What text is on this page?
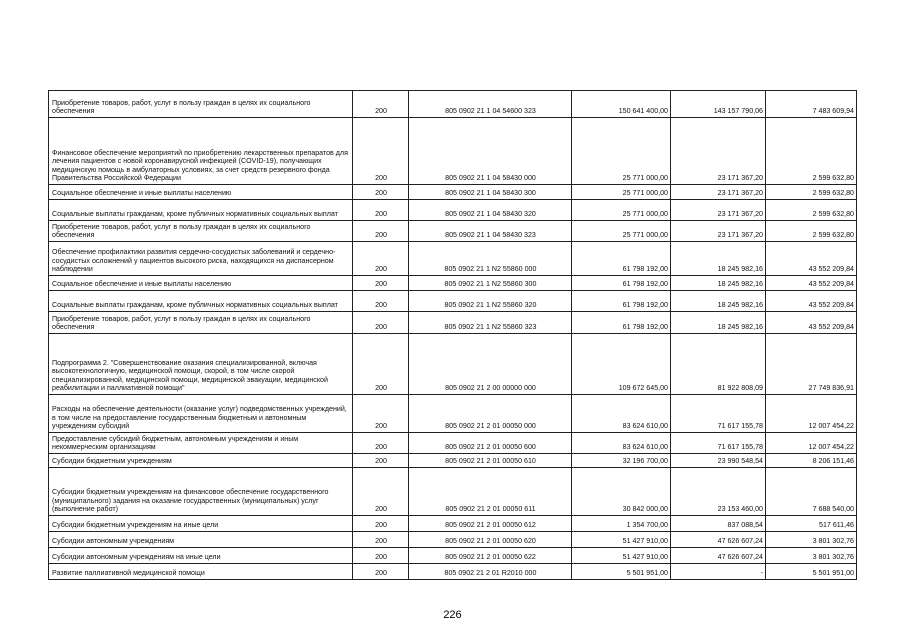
Приобретение товаров, работ, услуг в пользу граждан в целях их социального обеспечения	200	805 0902 21 1 04 54600 323	150 641 400,00	143 157 790,06	7 483 609,94
Финансовое обеспечение мероприятий по приобретению лекарственных препаратов для лечения пациентов с новой коронавирусной инфекцией (COVID-19), получающих медицинскую помощь в амбулаторных условиях, за счет средств резервного фонда Правительства Российской Федерации	200	805 0902 21 1 04 58430 000	25 771 000,00	23 171 367,20	2 599 632,80
Социальное обеспечение и иные выплаты населению	200	805 0902 21 1 04 58430 300	25 771 000,00	23 171 367,20	2 599 632,80
Социальные выплаты гражданам, кроме публичных нормативных социальных выплат	200	805 0902 21 1 04 58430 320	25 771 000,00	23 171 367,20	2 599 632,80
Приобретение товаров, работ, услуг в пользу граждан в целях их социального обеспечения	200	805 0902 21 1 04 58430 323	25 771 000,00	23 171 367,20	2 599 632,80
Обеспечение профилактики развития сердечно-сосудистых заболеваний и сердечно-сосудистых осложнений у пациентов высокого риска, находящихся на диспансерном наблюдении	200	805 0902 21 1 N2 55860 000	61 798 192,00	18 245 982,16	43 552 209,84
Социальное обеспечение и иные выплаты населению	200	805 0902 21 1 N2 55860 300	61 798 192,00	18 245 982,16	43 552 209,84
Социальные выплаты гражданам, кроме публичных нормативных социальных выплат	200	805 0902 21 1 N2 55860 320	61 798 192,00	18 245 982,16	43 552 209,84
Приобретение товаров, работ, услуг в пользу граждан в целях их социального обеспечения	200	805 0902 21 1 N2 55860 323	61 798 192,00	18 245 982,16	43 552 209,84
Подпрограмма 2. "Совершенствование оказания специализированной, включая высокотехнологичную, медицинской помощи, скорой, в том числе скорой специализированной, медицинской помощи, медицинской эвакуации, медицинской реабилитации и паллиативной помощи"	200	805 0902 21 2 00 00000 000	109 672 645,00	81 922 808,09	27 749 836,91
Расходы на обеспечение деятельности (оказание услуг) подведомственных учреждений, в том числе на предоставление государственным бюджетным и автономным учреждениям субсидий	200	805 0902 21 2 01 00050 000	83 624 610,00	71 617 155,78	12 007 454,22
Предоставление субсидий бюджетным, автономным учреждениям и иным некоммерческим организациям	200	805 0902 21 2 01 00050 600	83 624 610,00	71 617 155,78	12 007 454,22
Субсидии бюджетным учреждениям	200	805 0902 21 2 01 00050 610	32 196 700,00	23 990 548,54	8 206 151,46
Субсидии бюджетным учреждениям на финансовое обеспечение государственного (муниципального) задания на оказание государственных (муниципальных) услуг (выполнение работ)	200	805 0902 21 2 01 00050 611	30 842 000,00	23 153 460,00	7 688 540,00
Субсидии бюджетным учреждениям на иные цели	200	805 0902 21 2 01 00050 612	1 354 700,00	837 088,54	517 611,46
Субсидии автономным учреждениям	200	805 0902 21 2 01 00050 620	51 427 910,00	47 626 607,24	3 801 302,76
Субсидии автономным учреждениям на иные цели	200	805 0902 21 2 01 00050 622	51 427 910,00	47 626 607,24	3 801 302,76
Развитие паллиативной медицинской помощи	200	805 0902 21 2 01 R2010 000	5 501 951,00	-	5 501 951,00
226
